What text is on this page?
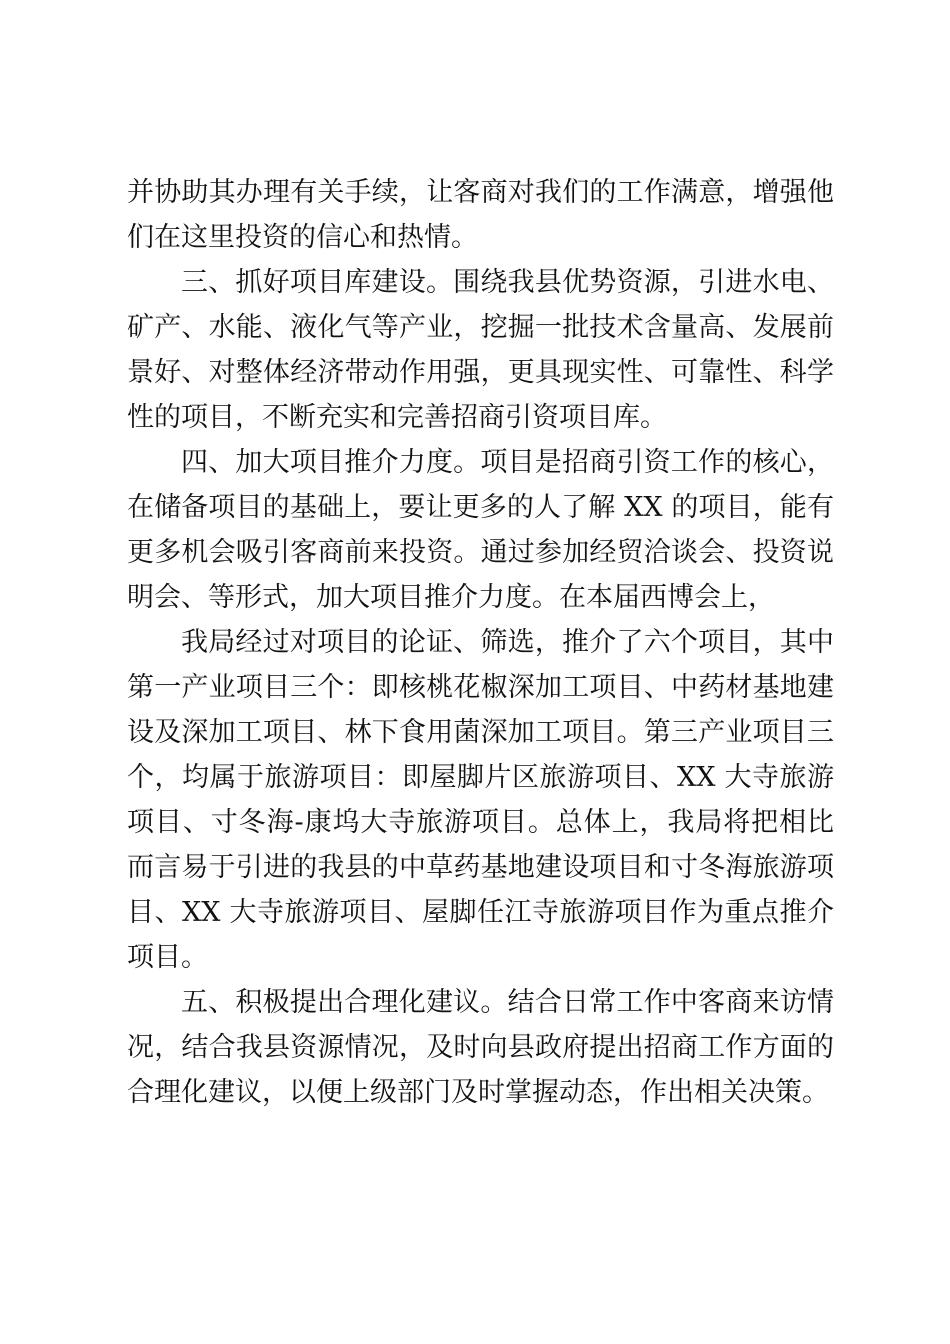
并协助其办理有关手续，让客商对我们的工作满意，增强他们在这里投资的信心和热情。

三、抓好项目库建设。围绕我县优势资源，引进水电、矿产、水能、液化气等产业，挖掘一批技术含量高、发展前景好、对整体经济带动作用强，更具现实性、可靠性、科学性的项目，不断充实和完善招商引资项目库。

四、加大项目推介力度。项目是招商引资工作的核心，在储备项目的基础上，要让更多的人了解 XX 的项目，能有更多机会吸引客商前来投资。通过参加经贸洽谈会、投资说明会、等形式，加大项目推介力度。在本届西博会上，

我局经过对项目的论证、筛选，推介了六个项目，其中第一产业项目三个：即核桃花椒深加工项目、中药材基地建设及深加工项目、林下食用菌深加工项目。第三产业项目三个，均属于旅游项目：即屋脚片区旅游项目、XX 大寺旅游项目、寸冬海-康坞大寺旅游项目。总体上，我局将把相比而言易于引进的我县的中草药基地建设项目和寸冬海旅游项目、XX 大寺旅游项目、屋脚任江寺旅游项目作为重点推介项目。

五、积极提出合理化建议。结合日常工作中客商来访情况，结合我县资源情况，及时向县政府提出招商工作方面的合理化建议，以便上级部门及时掌握动态，作出相关决策。
